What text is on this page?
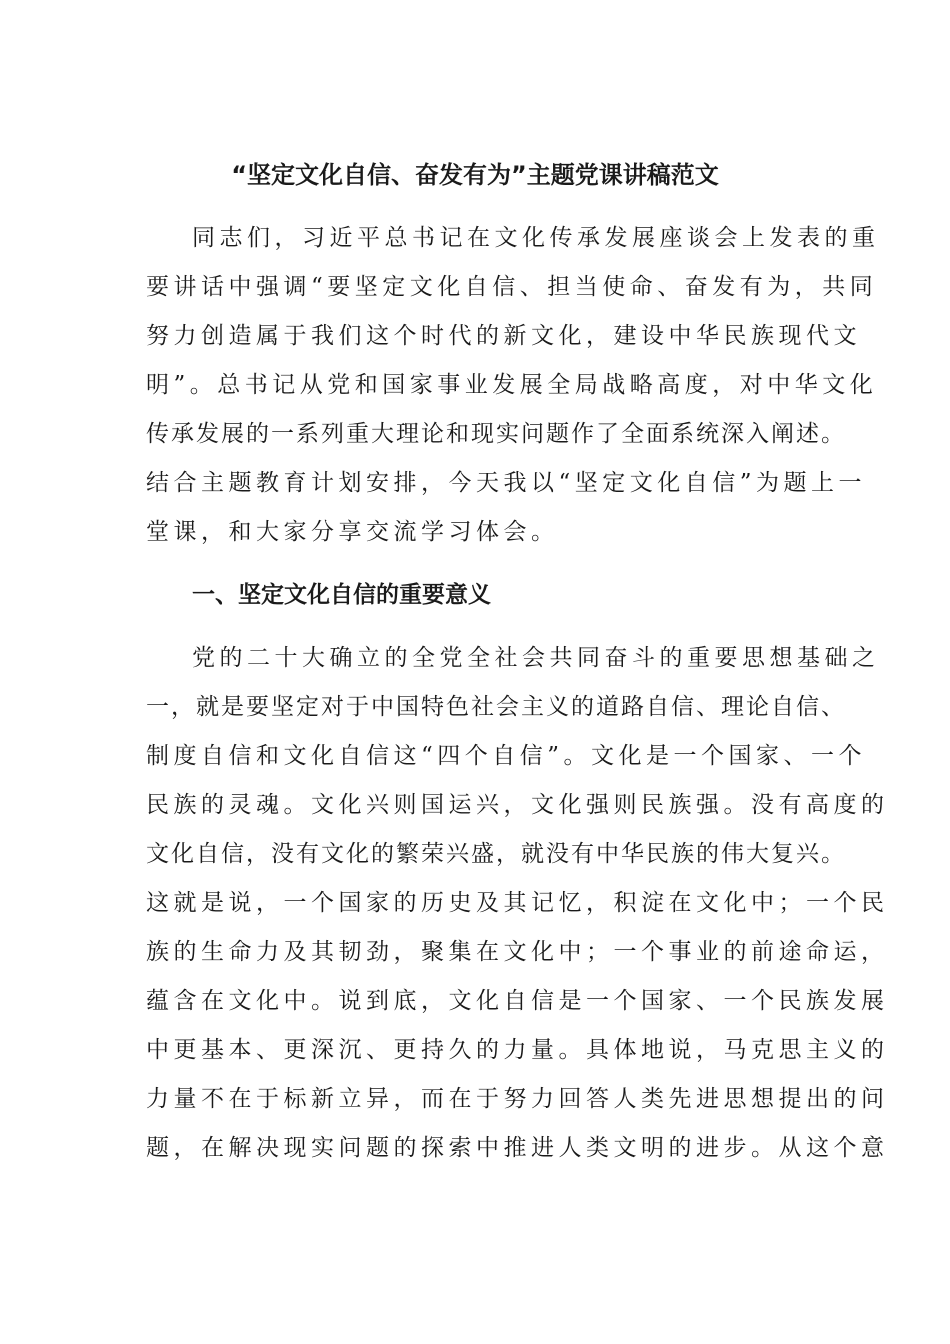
“坚定文化自信、奋发有为”主题党课讲稿范文

同志们，习近平总书记在文化传承发展座谈会上发表的重

要讲话中强调“要坚定文化自信、担当使命、奋发有为，共同

努力创造属于我们这个时代的新文化，建设中华民族现代文

明”。总书记从党和国家事业发展全局战略高度，对中华文化

传承发展的一系列重大理论和现实问题作了全面系统深入阐述。

结合主题教育计划安排，今天我以“坚定文化自信”为题上一

堂课，和大家分享交流学习体会。

一、坚定文化自信的重要意义

党的二十大确立的全党全社会共同奋斗的重要思想基础之

一，就是要坚定对于中国特色社会主义的道路自信、理论自信、

制度自信和文化自信这“四个自信”。文化是一个国家、一个

民族的灵魂。文化兴则国运兴，文化强则民族强。没有高度的

文化自信，没有文化的繁荣兴盛，就没有中华民族的伟大复兴。

这就是说，一个国家的历史及其记忆，积淀在文化中；一个民

族的生命力及其韧劲，聚集在文化中；一个事业的前途命运，

蕴含在文化中。说到底，文化自信是一个国家、一个民族发展

中更基本、更深沉、更持久的力量。具体地说，马克思主义的

力量不在于标新立异，而在于努力回答人类先进思想提出的问

题，在解决现实问题的探索中推进人类文明的进步。从这个意
